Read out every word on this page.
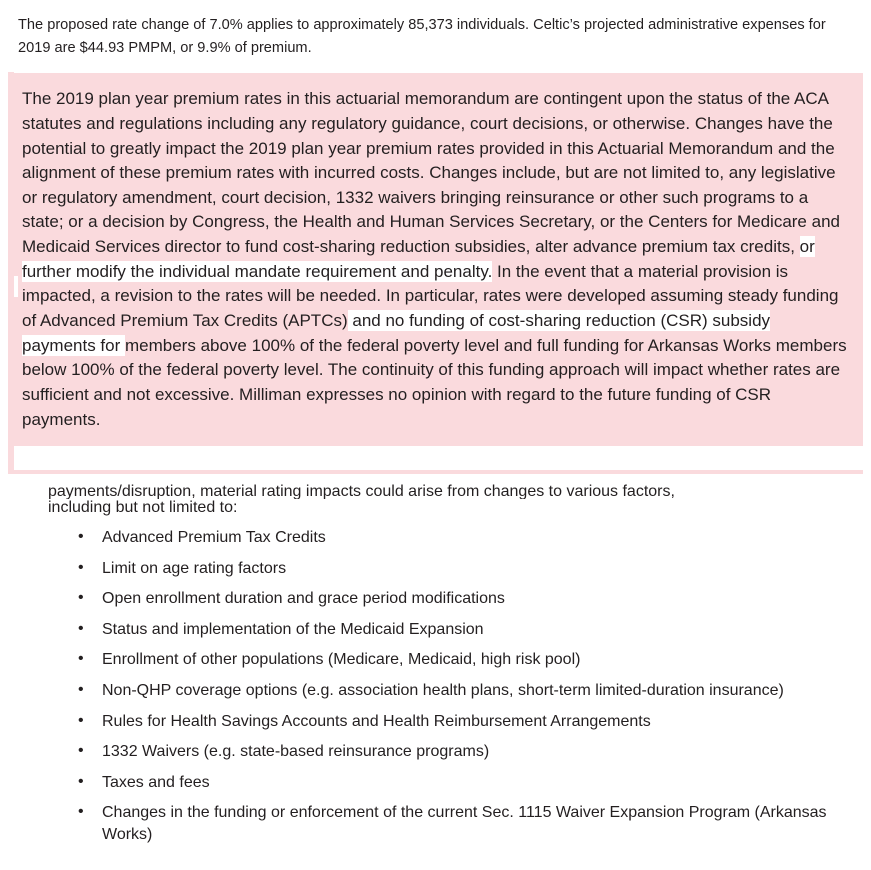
The proposed rate change of 7.0% applies to approximately 85,373 individuals. Celtic’s projected administrative expenses for 2019 are $44.93 PMPM, or 9.9% of premium.

The 2019 plan year premium rates in this actuarial memorandum are contingent upon the status of the ACA statutes and regulations including any regulatory guidance, court decisions, or otherwise. Changes have the potential to greatly impact the 2019 plan year premium rates provided in this Actuarial Memorandum and the alignment of these premium rates with incurred costs. Changes include, but are not limited to, any legislative or regulatory amendment, court decision, 1332 waivers bringing reinsurance or other such programs to a state; or a decision by Congress, the Health and Human Services Secretary, or the Centers for Medicare and Medicaid Services director to fund cost-sharing reduction subsidies, alter advance premium tax credits, or further modify the individual mandate requirement and penalty. In the event that a material provision is impacted, a revision to the rates will be needed. In particular, rates were developed assuming steady funding of Advanced Premium Tax Credits (APTCs) and no funding of cost-sharing reduction (CSR) subsidy payments for members above 100% of the federal poverty level and full funding for Arkansas Works members below 100% of the federal poverty level. The continuity of this funding approach will impact whether rates are sufficient and not excessive. Milliman expresses no opinion with regard to the future funding of CSR payments.

payments/disruption, material rating impacts could arise from changes to various factors,
including but not limited to:
• Advanced Premium Tax Credits
• Limit on age rating factors
• Open enrollment duration and grace period modifications
• Status and implementation of the Medicaid Expansion
• Enrollment of other populations (Medicare, Medicaid, high risk pool)
• Non-QHP coverage options (e.g. association health plans, short-term limited-duration insurance)
• Rules for Health Savings Accounts and Health Reimbursement Arrangements
• 1332 Waivers (e.g. state-based reinsurance programs)
• Taxes and fees
• Changes in the funding or enforcement of the current Sec. 1115 Waiver Expansion Program (Arkansas Works)
